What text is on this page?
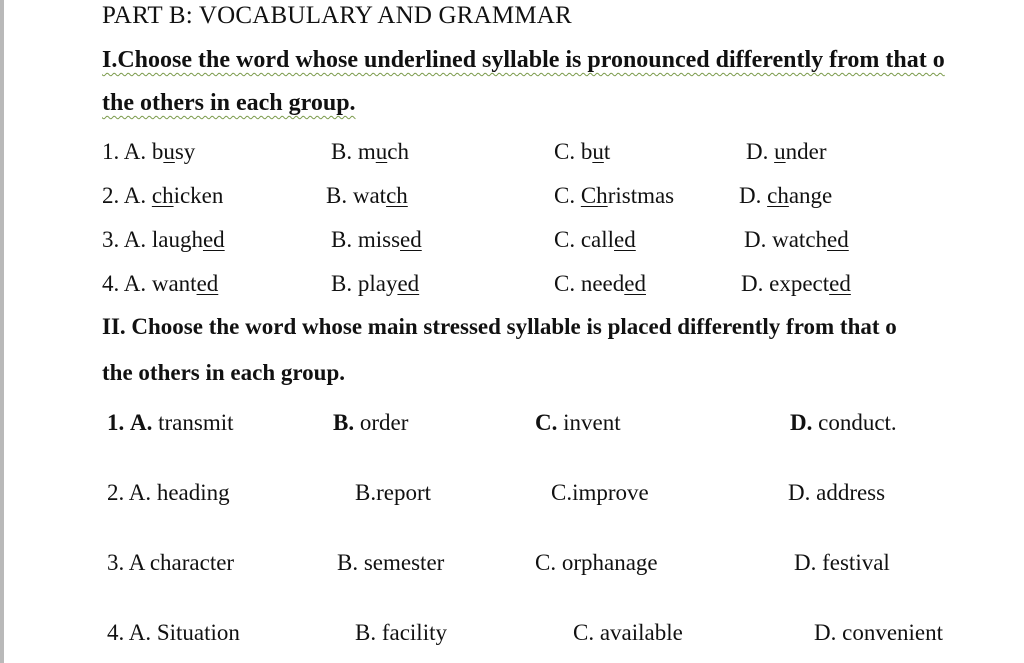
PART B: VOCABULARY AND GRAMMAR
I.Choose the word whose underlined syllable is pronounced differently from that o
the others in each group.
1. A. busy	B. much	C. but	D. under
2. A. chicken	B. watch	C. Christmas	D. change
3. A. laughed	B. missed	C. called	D. watched
4. A. wanted	B. played	C. needed	D. expected
II. Choose the word whose main stressed syllable is placed differently from that o
the others in each group.
1. A. transmit	B. order	C. invent	D. conduct.
2. A. heading	B.report	C.improve	D. address
3. A character	B. semester	C. orphanage	D. festival
4. A. Situation	B. facility	C. available	D. convenient
